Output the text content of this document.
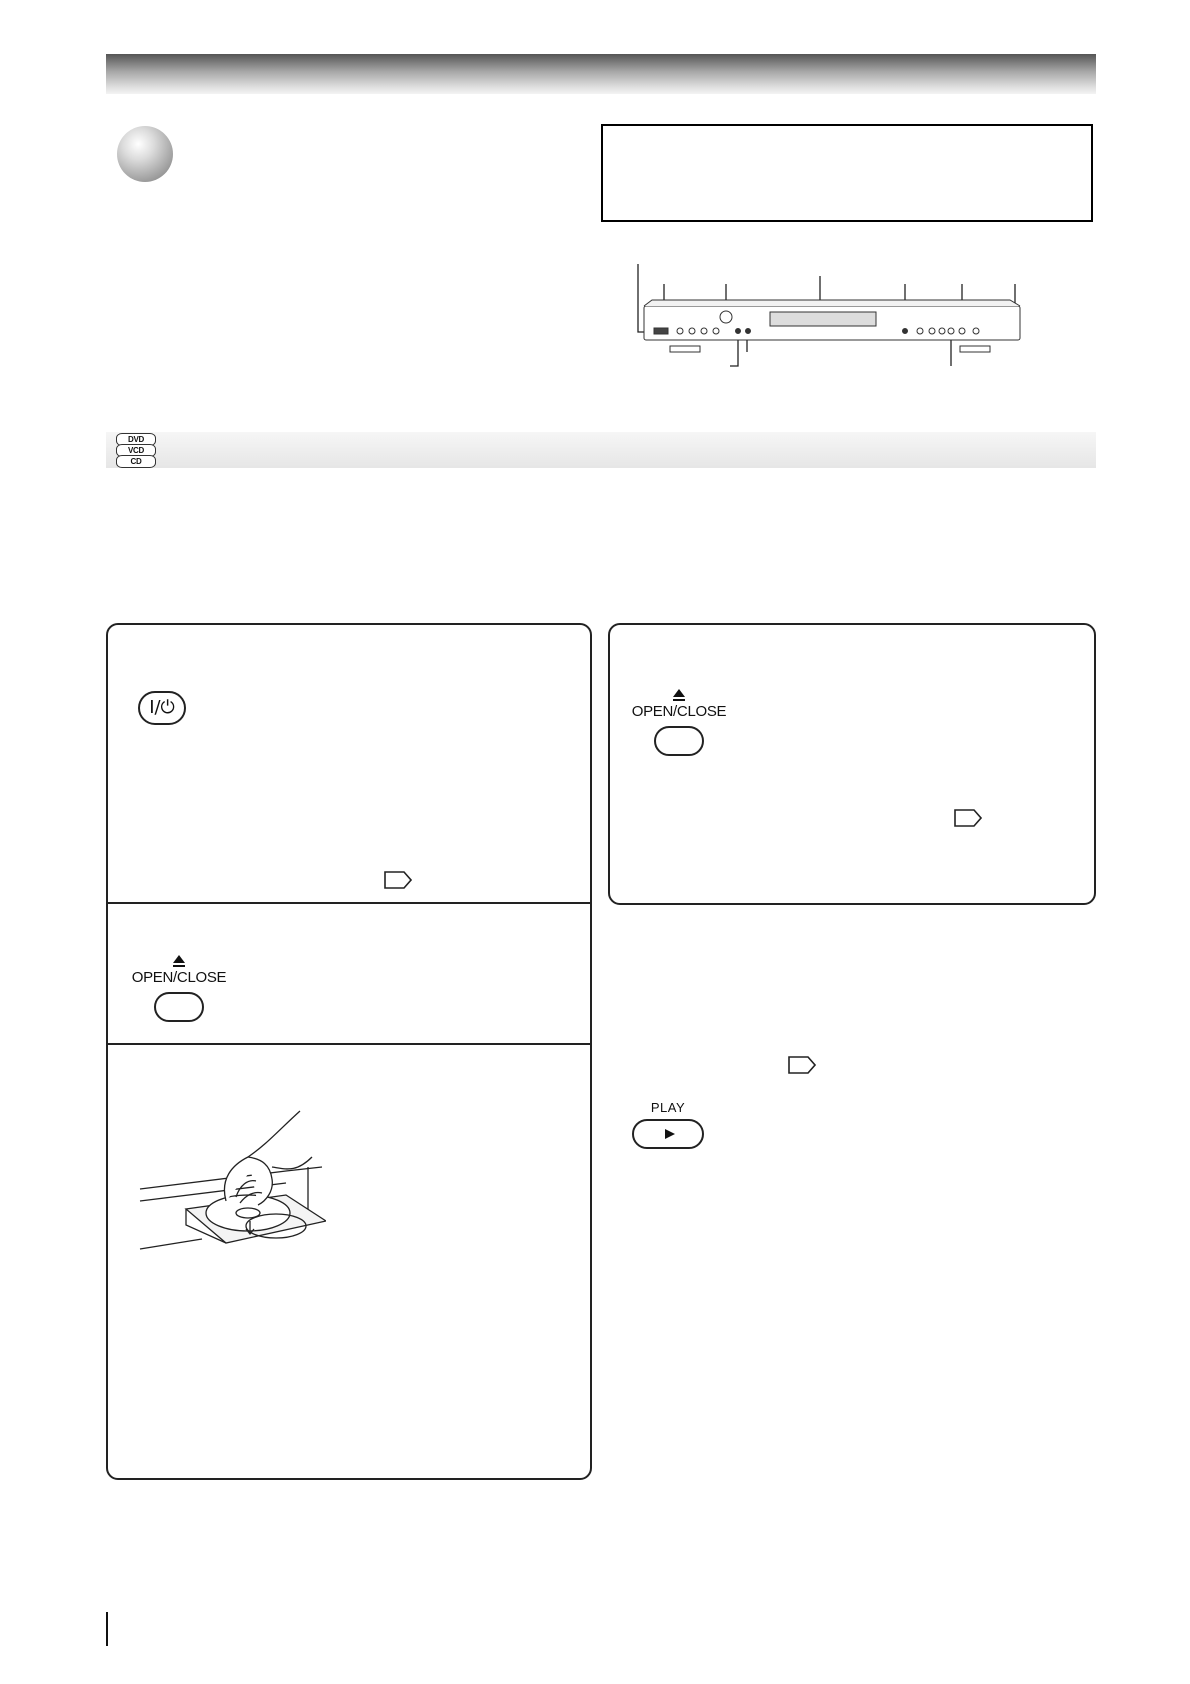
DVD
VCD
CD
I/⏻
OPEN/CLOSE
OPEN/CLOSE
PLAY
